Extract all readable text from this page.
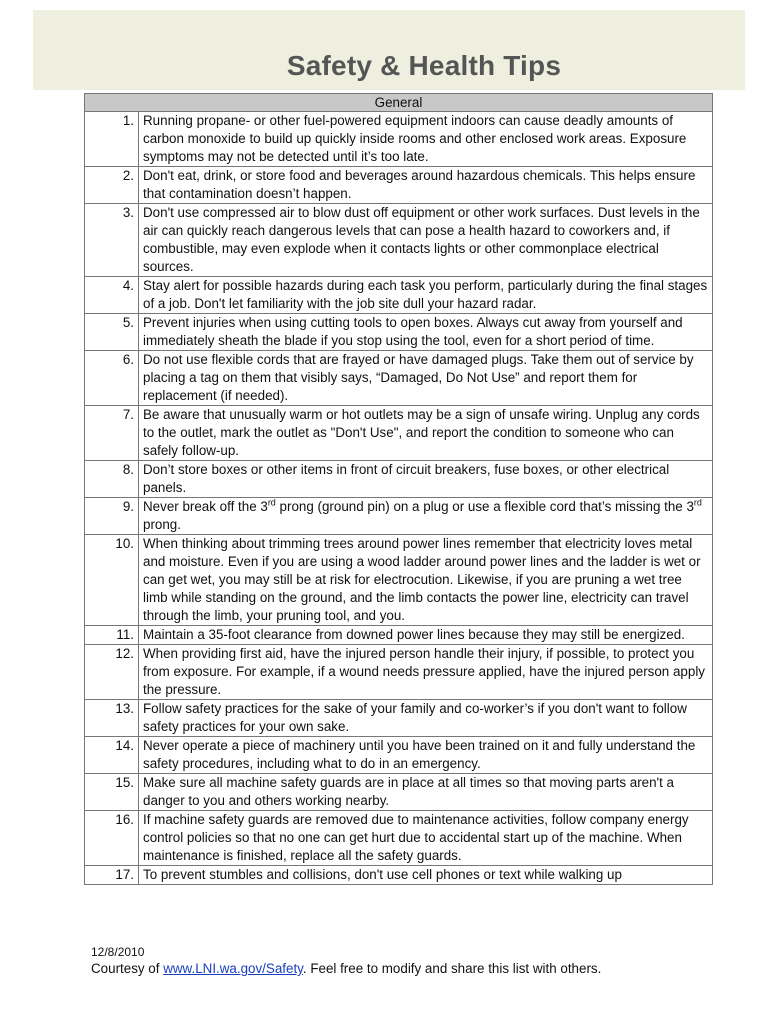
Safety & Health Tips
General	
1.	Running propane- or other fuel-powered equipment indoors can cause deadly amounts of carbon monoxide to build up quickly inside rooms and other enclosed work areas. Exposure symptoms may not be detected until it’s too late.
2.	Don't eat, drink, or store food and beverages around hazardous chemicals. This helps ensure that contamination doesn’t happen.
3.	Don't use compressed air to blow dust off equipment or other work surfaces. Dust levels in the air can quickly reach dangerous levels that can pose a health hazard to coworkers and, if combustible, may even explode when it contacts lights or other commonplace electrical sources.
4.	Stay alert for possible hazards during each task you perform, particularly during the final stages of a job. Don't let familiarity with the job site dull your hazard radar.
5.	Prevent injuries when using cutting tools to open boxes. Always cut away from yourself and immediately sheath the blade if you stop using the tool, even for a short period of time.
6.	Do not use flexible cords that are frayed or have damaged plugs. Take them out of service by placing a tag on them that visibly says, “Damaged, Do Not Use” and report them for replacement (if needed).
7.	Be aware that unusually warm or hot outlets may be a sign of unsafe wiring. Unplug any cords to the outlet, mark the outlet as "Don't Use", and report the condition to someone who can safely follow-up.
8.	Don’t store boxes or other items in front of circuit breakers, fuse boxes, or other electrical panels.
9.	Never break off the 3rd prong (ground pin) on a plug or use a flexible cord that’s missing the 3rd prong.
10.	When thinking about trimming trees around power lines remember that electricity loves metal and moisture. Even if you are using a wood ladder around power lines and the ladder is wet or can get wet, you may still be at risk for electrocution. Likewise, if you are pruning a wet tree limb while standing on the ground, and the limb contacts the power line, electricity can travel through the limb, your pruning tool, and you.
11.	Maintain a 35-foot clearance from downed power lines because they may still be energized.
12.	When providing first aid, have the injured person handle their injury, if possible, to protect you from exposure. For example, if a wound needs pressure applied, have the injured person apply the pressure.
13.	Follow safety practices for the sake of your family and co-worker’s if you don't want to follow safety practices for your own sake.
14.	Never operate a piece of machinery until you have been trained on it and fully understand the safety procedures, including what to do in an emergency.
15.	Make sure all machine safety guards are in place at all times so that moving parts aren't a danger to you and others working nearby.
16.	If machine safety guards are removed due to maintenance activities, follow company energy control policies so that no one can get hurt due to accidental start up of the machine. When maintenance is finished, replace all the safety guards.
17.	To prevent stumbles and collisions, don't use cell phones or text while walking up
12/8/2010
Courtesy of www.LNI.wa.gov/Safety. Feel free to modify and share this list with others.
